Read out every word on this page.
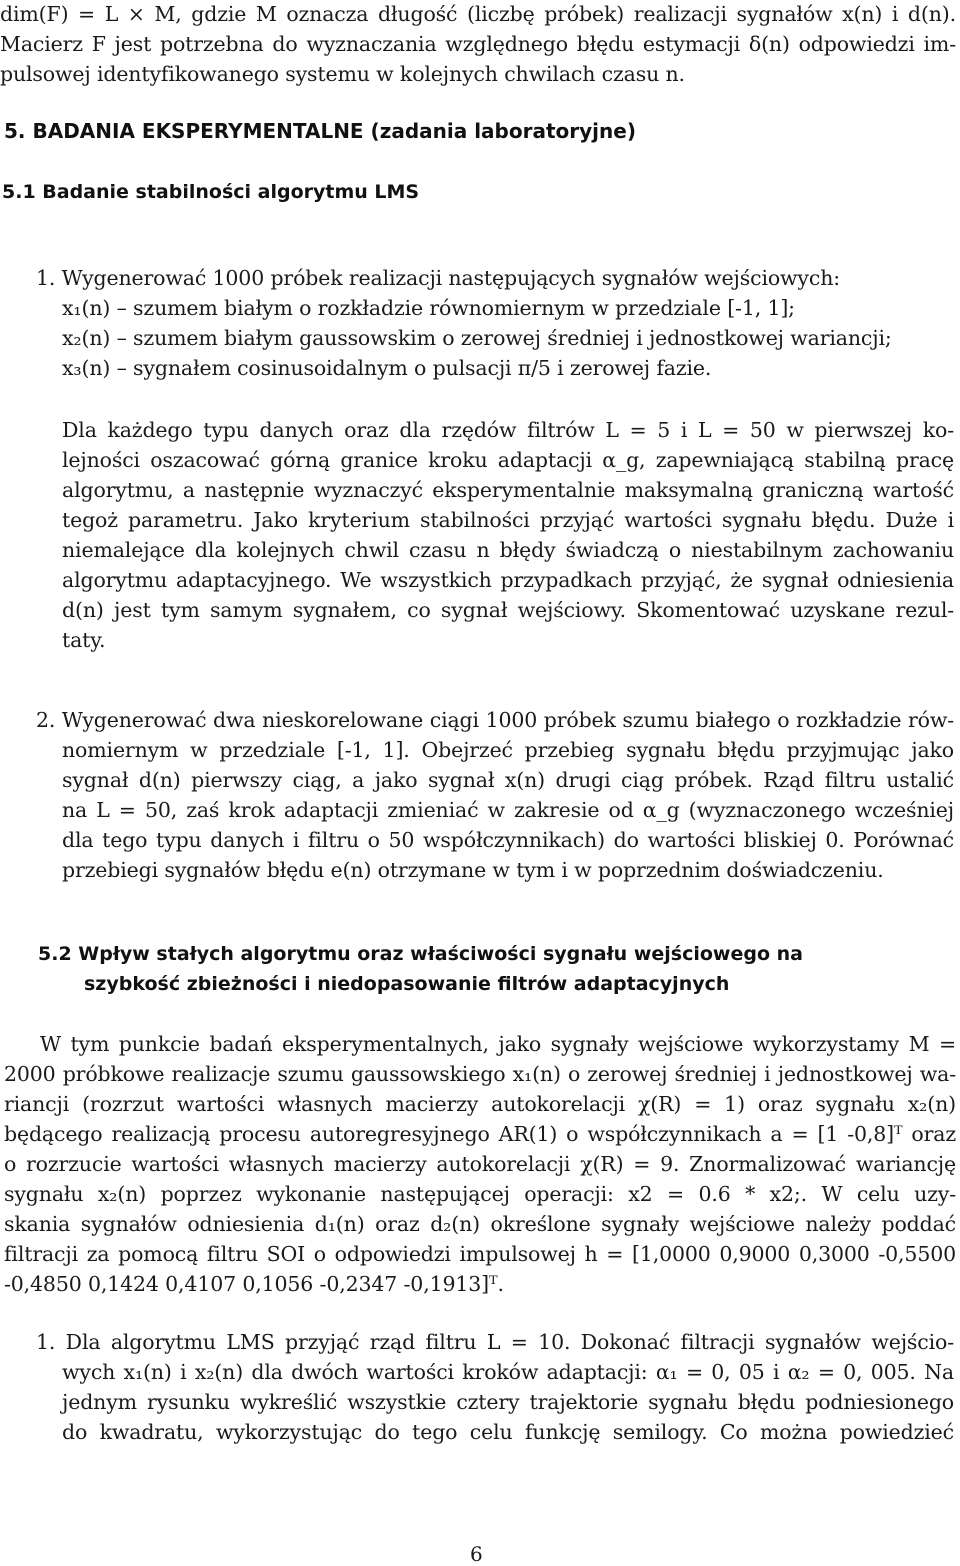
dim(F) = L × M, gdzie M oznacza długość (liczbę próbek) realizacji sygnałów x(n) i d(n).
Macierz F jest potrzebna do wyznaczania względnego błędu estymacji δ(n) odpowiedzi im-
pulsowej identyfikowanego systemu w kolejnych chwilach czasu n.
5. BADANIA EKSPERYMENTALNE (zadania laboratoryjne)
5.1 Badanie stabilności algorytmu LMS
1. Wygenerować 1000 próbek realizacji następujących sygnałów wejściowych:
x₁(n) – szumem białym o rozkładzie równomiernym w przedziale [-1, 1];
x₂(n) – szumem białym gaussowskim o zerowej średniej i jednostkowej wariancji;
x₃(n) – sygnałem cosinusoidalnym o pulsacji π/5 i zerowej fazie.
Dla każdego typu danych oraz dla rzędów filtrów L = 5 i L = 50 w pierwszej ko-
lejności oszacować górną granice kroku adaptacji α_g, zapewniającą stabilną pracę
algorytmu, a następnie wyznaczyć eksperymentalnie maksymalną graniczną wartość
tegoż parametru. Jako kryterium stabilności przyjąć wartości sygnału błędu. Duże i
niemalejące dla kolejnych chwil czasu n błędy świadczą o niestabilnym zachowaniu
algorytmu adaptacyjnego. We wszystkich przypadkach przyjąć, że sygnał odniesienia
d(n) jest tym samym sygnałem, co sygnał wejściowy. Skomentować uzyskane rezul-
taty.
2. Wygenerować dwa nieskorelowane ciągi 1000 próbek szumu białego o rozkładzie rów-
nomiernym w przedziale [-1, 1]. Obejrzeć przebieg sygnału błędu przyjmując jako
sygnał d(n) pierwszy ciąg, a jako sygnał x(n) drugi ciąg próbek. Rząd filtru ustalić
na L = 50, zaś krok adaptacji zmieniać w zakresie od α_g (wyznaczonego wcześniej
dla tego typu danych i filtru o 50 współczynnikach) do wartości bliskiej 0. Porównać
przebiegi sygnałów błędu e(n) otrzymane w tym i w poprzednim doświadczeniu.
5.2 Wpływ stałych algorytmu oraz właściwości sygnału wejściowego na
szybkość zbieżności i niedopasowanie filtrów adaptacyjnych
W tym punkcie badań eksperymentalnych, jako sygnały wejściowe wykorzystamy M =
2000 próbkowe realizacje szumu gaussowskiego x₁(n) o zerowej średniej i jednostkowej wa-
riancji (rozrzut wartości własnych macierzy autokorelacji χ(R) = 1) oraz sygnału x₂(n)
będącego realizacją procesu autoregresyjnego AR(1) o współczynnikach a = [1 -0,8]ᵀ oraz
o rozrzucie wartości własnych macierzy autokorelacji χ(R) = 9. Znormalizować wariancję
sygnału x₂(n) poprzez wykonanie następującej operacji: x2 = 0.6 * x2;. W celu uzy-
skania sygnałów odniesienia d₁(n) oraz d₂(n) określone sygnały wejściowe należy poddać
filtracji za pomocą filtru SOI o odpowiedzi impulsowej h = [1,0000 0,9000 0,3000 -0,5500
-0,4850 0,1424 0,4107 0,1056 -0,2347 -0,1913]ᵀ.
1. Dla algorytmu LMS przyjąć rząd filtru L = 10. Dokonać filtracji sygnałów wejścio-
wych x₁(n) i x₂(n) dla dwóch wartości kroków adaptacji: α₁ = 0, 05 i α₂ = 0, 005. Na
jednym rysunku wykreślić wszystkie cztery trajektorie sygnału błędu podniesionego
do kwadratu, wykorzystując do tego celu funkcję semilogy. Co można powiedzieć
6
